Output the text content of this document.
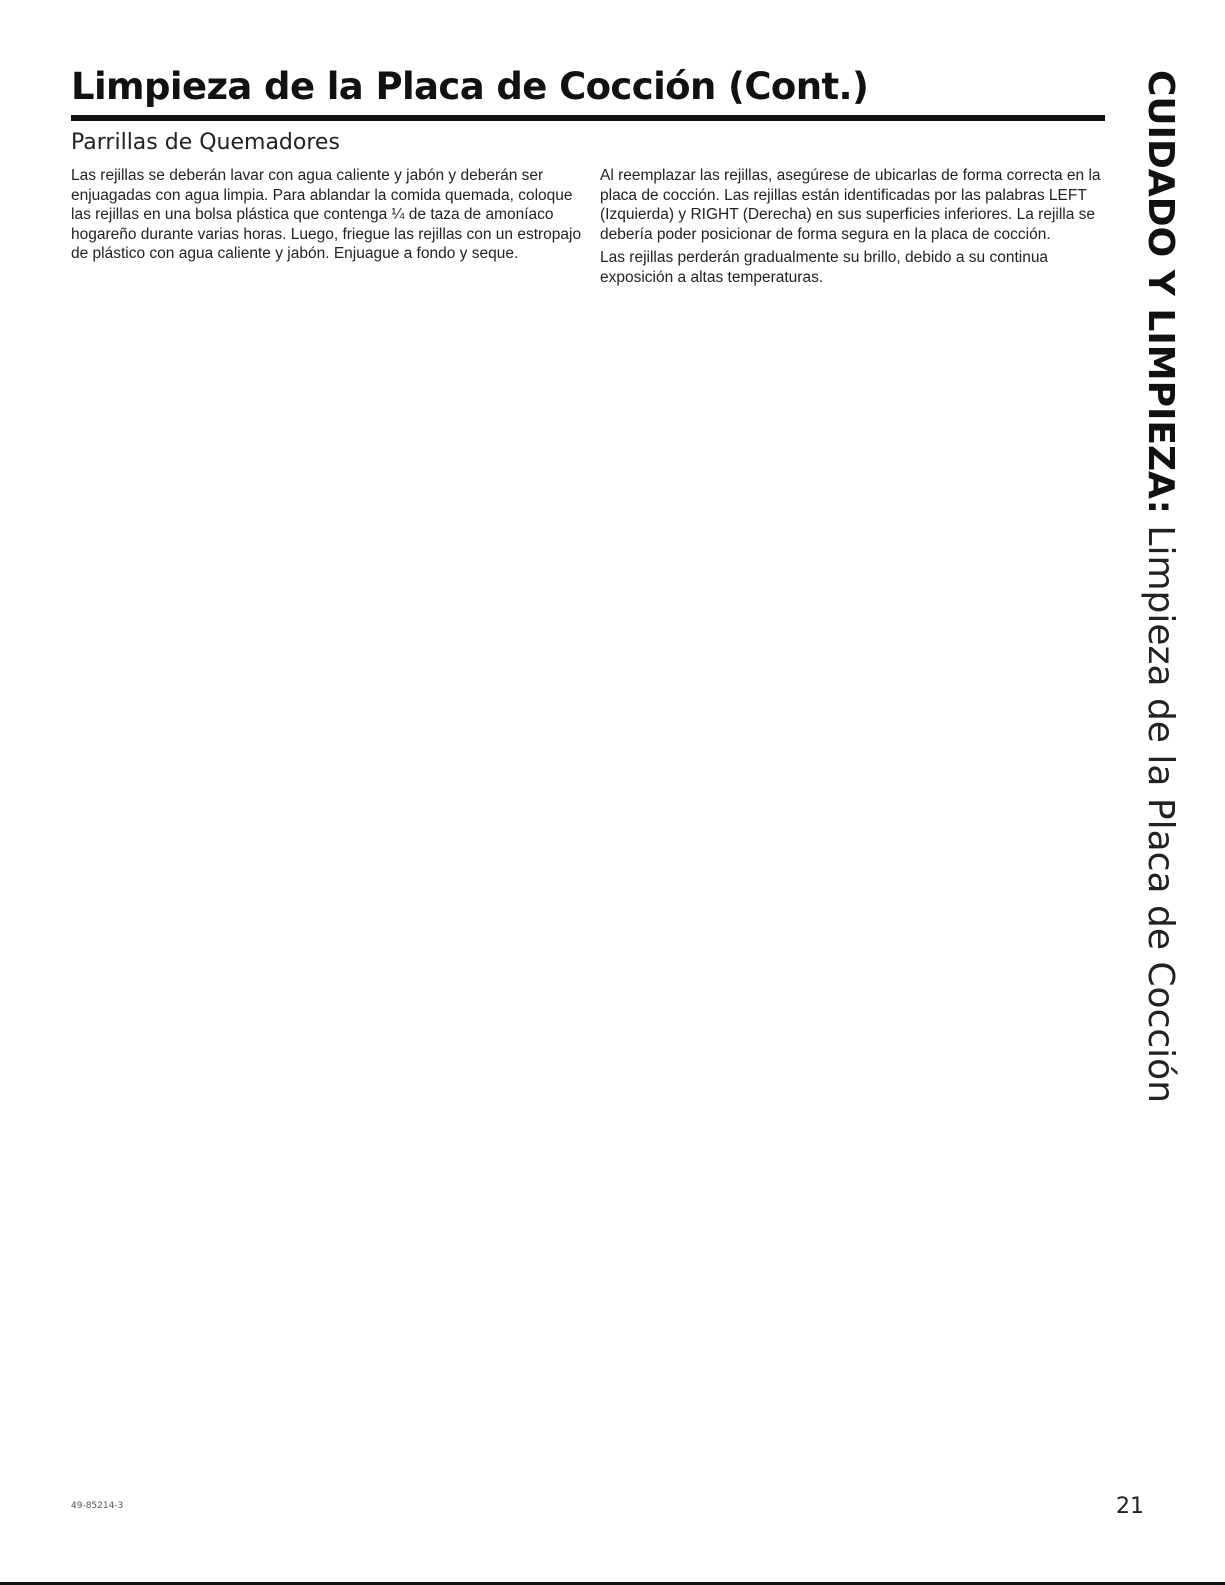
Limpieza de la Placa de Cocción (Cont.)
Parrillas de Quemadores

Las rejillas se deberán lavar con agua caliente y jabón y deberán ser enjuagadas con agua limpia. Para ablandar la comida quemada, coloque las rejillas en una bolsa plástica que contenga ¼ de taza de amoníaco hogareño durante varias horas. Luego, friegue las rejillas con un estropajo de plástico con agua caliente y jabón. Enjuague a fondo y seque.

Al reemplazar las rejillas, asegúrese de ubicarlas de forma correcta en la placa de cocción. Las rejillas están identificadas por las palabras LEFT (Izquierda) y RIGHT (Derecha) en sus superficies inferiores. La rejilla se debería poder posicionar de forma segura en la placa de cocción.

Las rejillas perderán gradualmente su brillo, debido a su continua exposición a altas temperaturas.	CUIDADO Y LIMPIEZA: Limpieza de la Placa de Cocción
49-85214-3	21
